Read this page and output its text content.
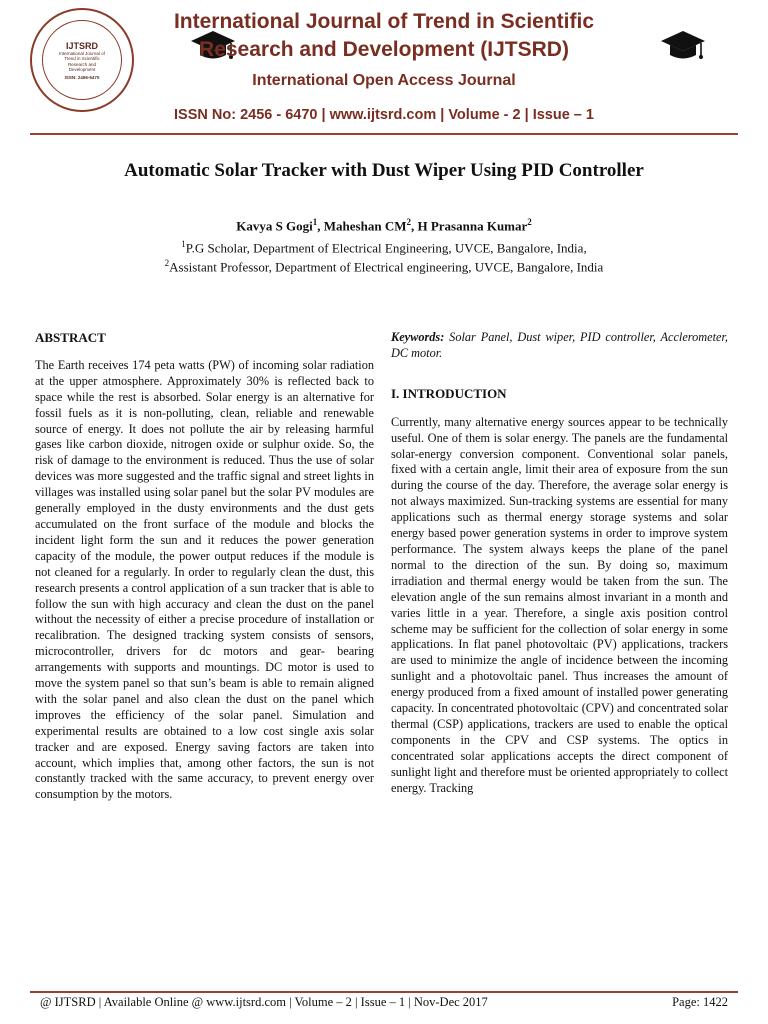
IJTSRD
International Journal of
Trend in Scientific
Research and
Development
ISSN: 2456-6470
International Journal of Trend in Scientific
Research and Development (IJTSRD)
International Open Access Journal
ISSN No: 2456 - 6470 | www.ijtsrd.com | Volume - 2 | Issue – 1
Automatic Solar Tracker with Dust Wiper Using PID Controller
Kavya S Gogi$^1$, Maheshan $CM^2$, H Prasanna Kumar$^2$
$^1$P.G Scholar, Department of Electrical Engineering, UVCE, Bangalore, India,
$^2$Assistant Professor, Department of Electrical engineering, UVCE, Bangalore, India
ABSTRACT

The Earth receives 174 peta watts (PW) of incoming solar radiation at the upper atmosphere. Approximately 30% is reflected back to space while the rest is absorbed. Solar energy is an alternative for fossil fuels as it is non-polluting, clean, reliable and renewable source of energy. It does not pollute the air by releasing harmful gases like carbon dioxide, nitrogen oxide or sulphur oxide. So, the risk of damage to the environment is reduced. Thus the use of solar devices was more suggested and the traffic signal and street lights in villages was installed using solar panel but the solar PV modules are generally employed in the dusty environments and the dust gets accumulated on the front surface of the module and blocks the incident light form the sun and it reduces the power generation capacity of the module, the power output reduces if the module is not cleaned for a regularly. In order to regularly clean the dust, this research presents a control application of a sun tracker that is able to follow the sun with high accuracy and clean the dust on the panel without the necessity of either a precise procedure of installation or recalibration. The designed tracking system consists of sensors, microcontroller, drivers for dc motors and gear- bearing arrangements with supports and mountings. DC motor is used to move the system panel so that sun’s beam is able to remain aligned with the solar panel and also clean the dust on the panel which improves the efficiency of the solar panel. Simulation and experimental results are obtained to a low cost single axis solar tracker and are exposed. Energy saving factors are taken into account, which implies that, among other factors, the sun is not constantly tracked with the same accuracy, to prevent energy over consumption by the motors.

Keywords: Solar Panel, Dust wiper, PID controller, Acclerometer, DC motor.

I. INTRODUCTION

Currently, many alternative energy sources appear to be technically useful. One of them is solar energy. The panels are the fundamental solar-energy conversion component. Conventional solar panels, fixed with a certain angle, limit their area of exposure from the sun during the course of the day. Therefore, the average solar energy is not always maximized. Sun-tracking systems are essential for many applications such as thermal energy storage systems and solar energy based power generation systems in order to improve system performance. The system always keeps the plane of the panel normal to the direction of the sun. By doing so, maximum irradiation and thermal energy would be taken from the sun. The elevation angle of the sun remains almost invariant in a month and varies little in a year. Therefore, a single axis position control scheme may be sufficient for the collection of solar energy in some applications. In flat panel photovoltaic (PV) applications, trackers are used to minimize the angle of incidence between the incoming sunlight and a photovoltaic panel. Thus increases the amount of energy produced from a fixed amount of installed power generating capacity. In concentrated photovoltaic (CPV) and concentrated solar thermal (CSP) applications, trackers are used to enable the optical components in the CPV and CSP systems. The optics in concentrated solar applications accepts the direct component of sunlight light and therefore must be oriented appropriately to collect energy. Tracking

@ IJTSRD | Available Online @ www.ijtsrd.com | Volume – 2 | Issue – 1 | Nov-Dec 2017	Page: 1422
